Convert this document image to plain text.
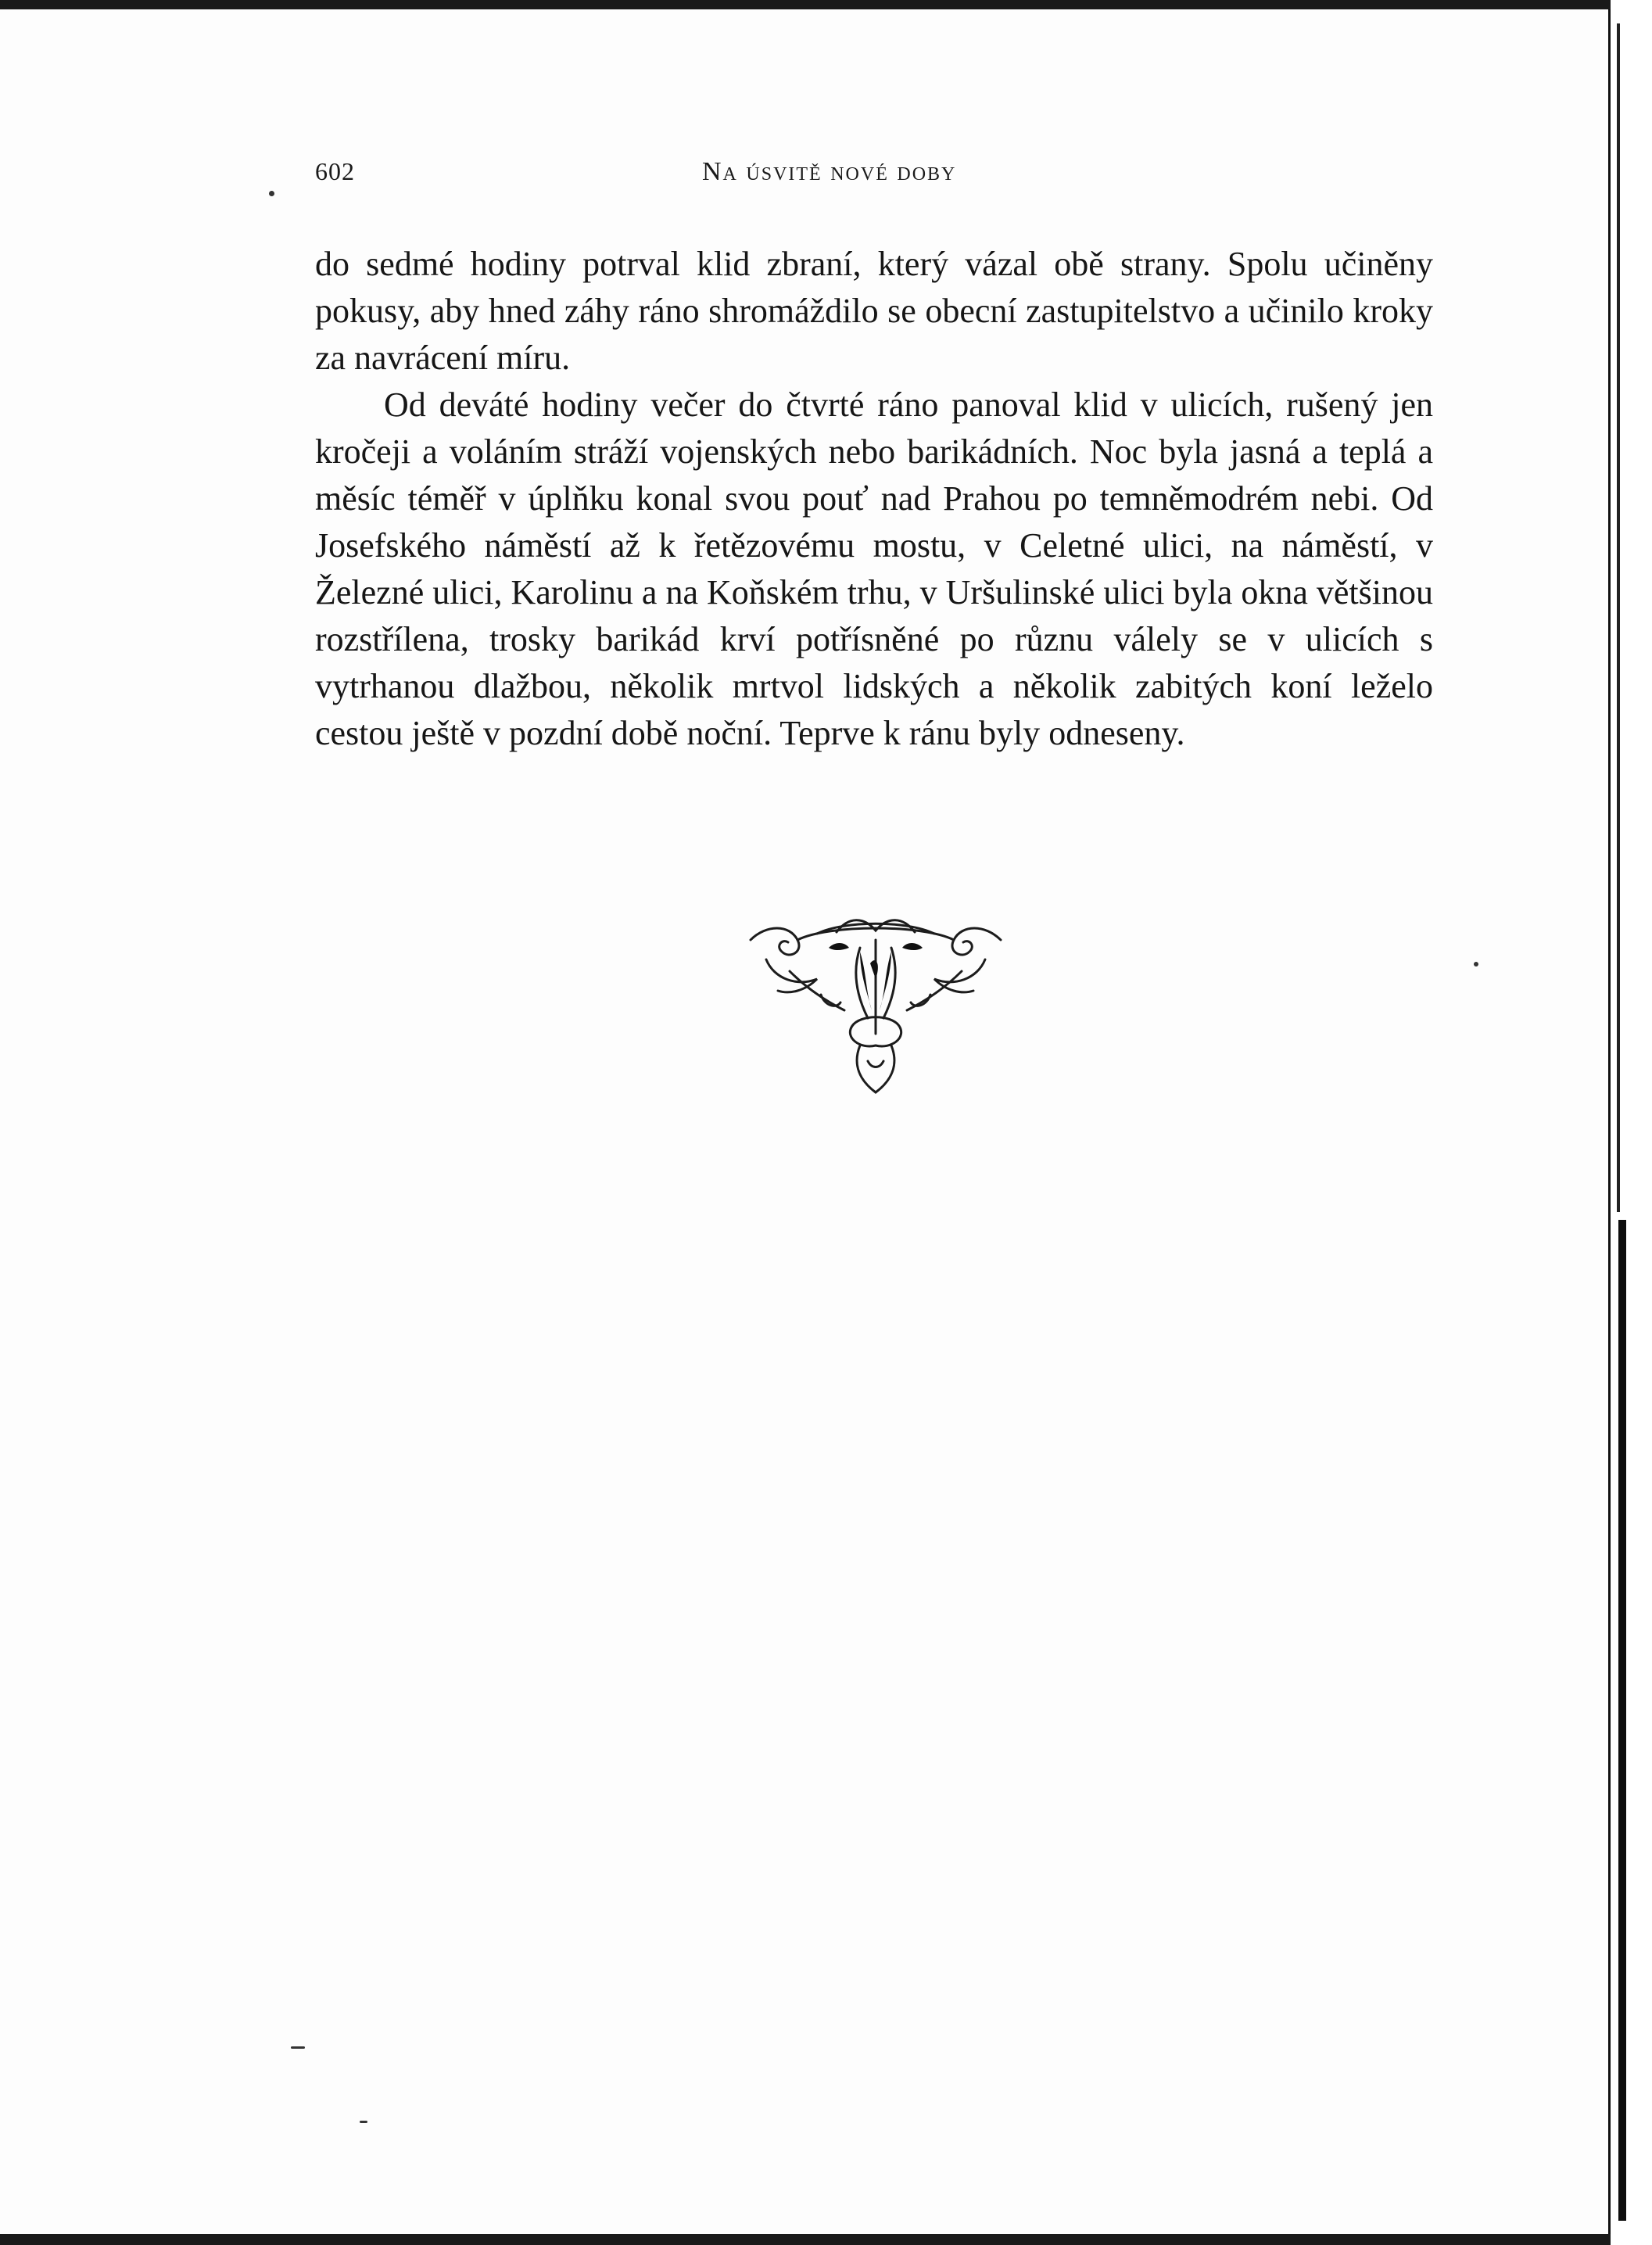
602	Na úsvitě nové doby

do sedmé hodiny potrval klid zbraní, který vázal obě strany. Spolu učiněny pokusy, aby hned záhy ráno shromáždilo se obecní zastupitelstvo a učinilo kroky za navrácení míru.

Od deváté hodiny večer do čtvrté ráno panoval klid v ulicích, rušený jen kročeji a voláním stráží vojenských nebo barikádních. Noc byla jasná a teplá a měsíc téměř v úplňku konal svou pouť nad Prahou po temněmodrém nebi. Od Josefského náměstí až k řetězovému mostu, v Celetné ulici, na náměstí, v Železné ulici, Karolinu a na Koňském trhu, v Uršulinské ulici byla okna většinou rozstřílena, trosky barikád krví potřísněné po různu válely se v ulicích s vytrhanou dlažbou, několik mrtvol lidských a několik zabitých koní leželo cestou ještě v pozdní době noční. Teprve k ránu byly odneseny.
